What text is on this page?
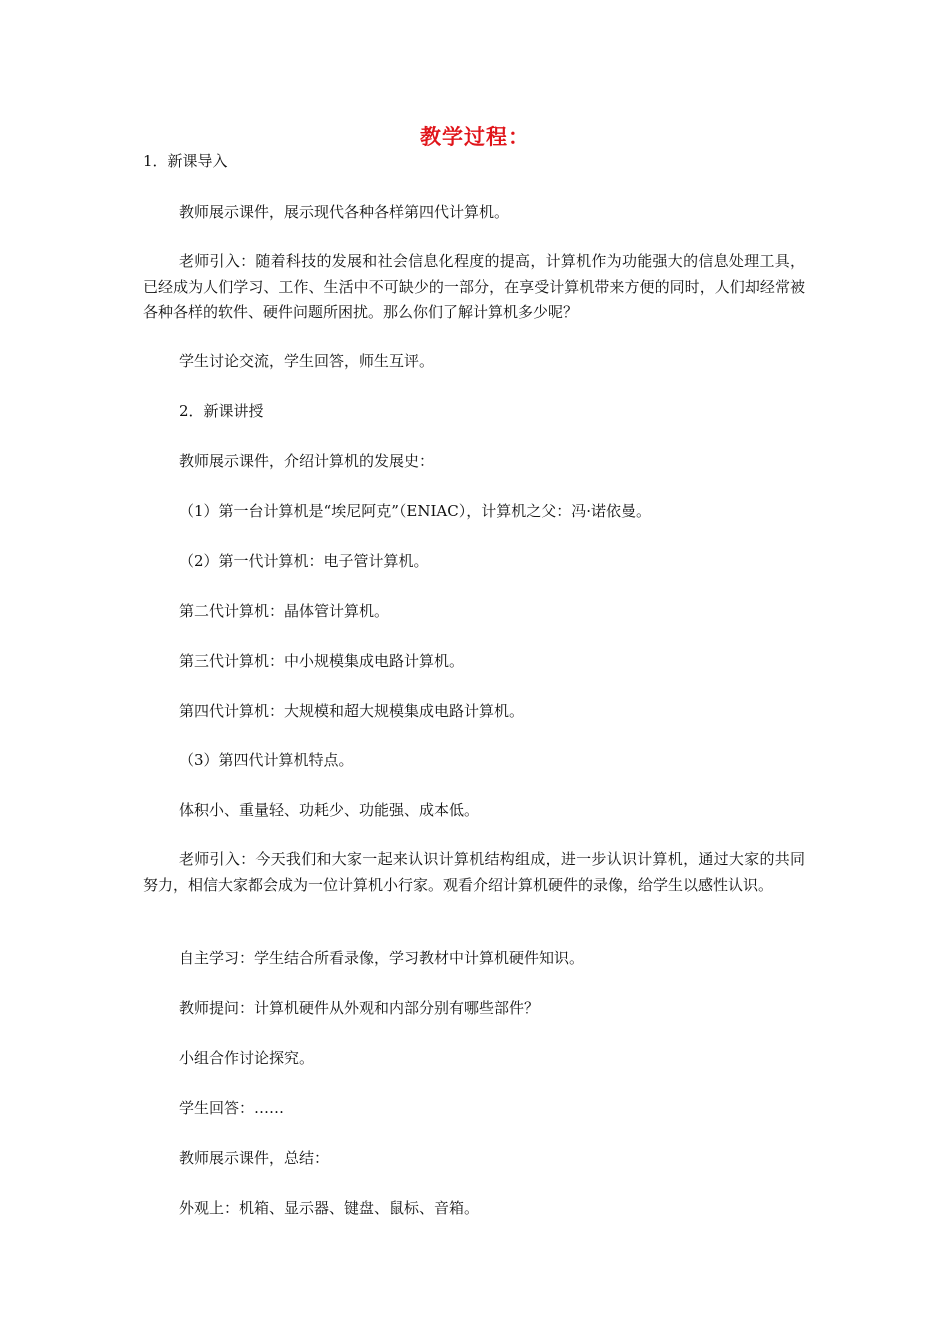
教学过程：
1．新课导入
教师展示课件，展示现代各种各样第四代计算机。
老师引入：随着科技的发展和社会信息化程度的提高，计算机作为功能强大的信息处理工具，已经成为人们学习、工作、生活中不可缺少的一部分，在享受计算机带来方便的同时，人们却经常被各种各样的软件、硬件问题所困扰。那么你们了解计算机多少呢？
学生讨论交流，学生回答，师生互评。
2．新课讲授
教师展示课件，介绍计算机的发展史：
（1）第一台计算机是“埃尼阿克”（ENIAC），计算机之父：冯·诺依曼。
（2）第一代计算机：电子管计算机。
第二代计算机：晶体管计算机。
第三代计算机：中小规模集成电路计算机。
第四代计算机：大规模和超大规模集成电路计算机。
（3）第四代计算机特点。
体积小、重量轻、功耗少、功能强、成本低。
老师引入：今天我们和大家一起来认识计算机结构组成，进一步认识计算机，通过大家的共同努力，相信大家都会成为一位计算机小行家。观看介绍计算机硬件的录像，给学生以感性认识。
自主学习：学生结合所看录像，学习教材中计算机硬件知识。
教师提问：计算机硬件从外观和内部分别有哪些部件？
小组合作讨论探究。
学生回答：……
教师展示课件，总结：
外观上：机箱、显示器、键盘、鼠标、音箱。
